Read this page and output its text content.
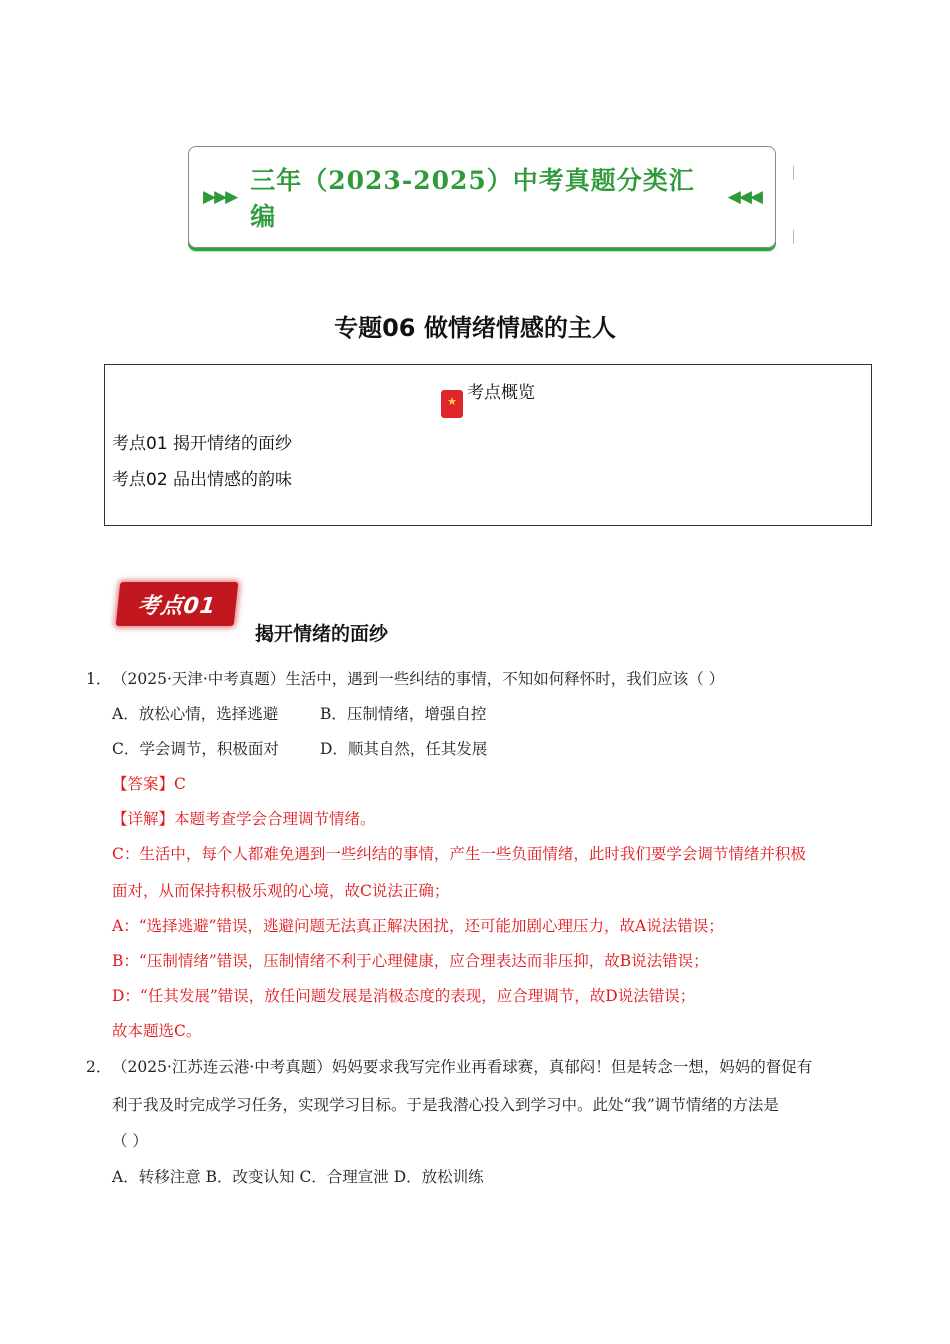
▶▶▶
三年（2023-2025）中考真题分类汇编
◀◀◀
专题06 做情绪情感的主人
★ 考点概览
考点01 揭开情绪的面纱
考点02 品出情感的韵味
考点01
揭开情绪的面纱
1． （2025·天津·中考真题）生活中，遇到一些纠结的事情，不知如何释怀时，我们应该（ ）
A．放松心情，选择逃避	B．压制情绪，增强自控
C．学会调节，积极面对	D．顺其自然，任其发展
【答案】C
【详解】本题考查学会合理调节情绪。
C：生活中，每个人都难免遇到一些纠结的事情，产生一些负面情绪，此时我们要学会调节情绪并积极
面对，从而保持积极乐观的心境，故C说法正确；
A：“选择逃避”错误，逃避问题无法真正解决困扰，还可能加剧心理压力，故A说法错误；
B：“压制情绪”错误，压制情绪不利于心理健康，应合理表达而非压抑，故B说法错误；
D：“任其发展”错误，放任问题发展是消极态度的表现，应合理调节，故D说法错误；
故本题选C。
2． （2025·江苏连云港·中考真题）妈妈要求我写完作业再看球赛，真郁闷！但是转念一想，妈妈的督促有
利于我及时完成学习任务，实现学习目标。于是我潜心投入到学习中。此处“我”调节情绪的方法是
（ ）
A．转移注意 B．改变认知 C．合理宣泄 D．放松训练
